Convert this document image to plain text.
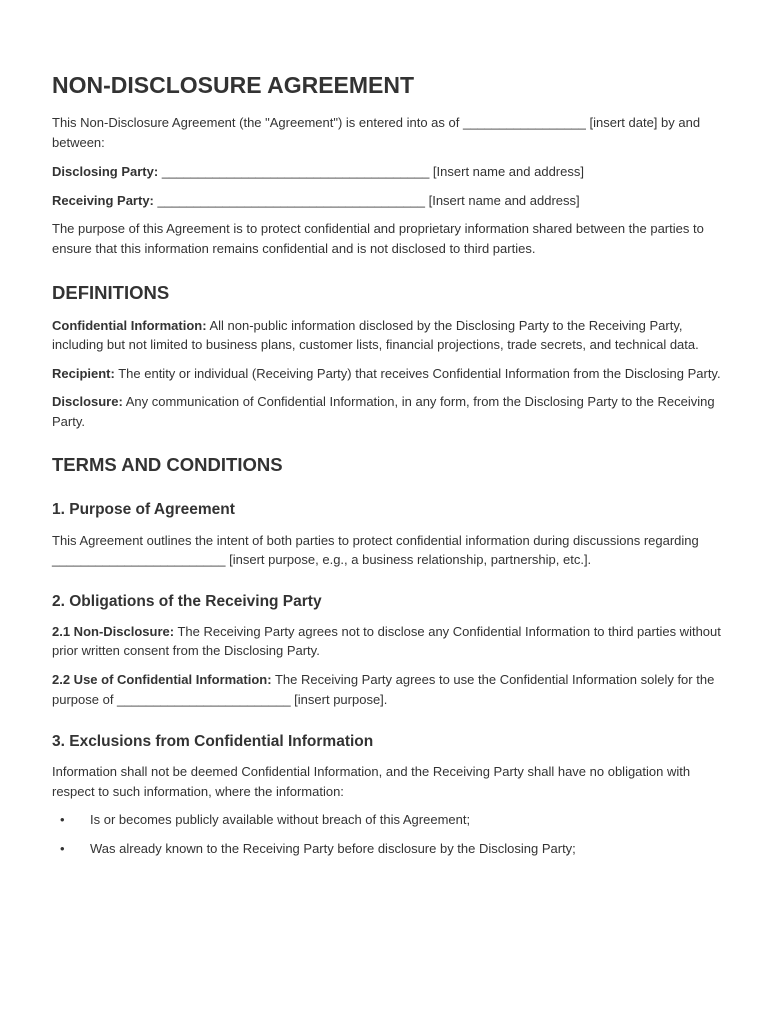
NON-DISCLOSURE AGREEMENT

This Non-Disclosure Agreement (the "Agreement") is entered into as of _________________ [insert date] by and between:

Disclosing Party: _____________________________________ [Insert name and address]

Receiving Party: _____________________________________ [Insert name and address]

The purpose of this Agreement is to protect confidential and proprietary information shared between the parties to ensure that this information remains confidential and is not disclosed to third parties.

DEFINITIONS

Confidential Information: All non-public information disclosed by the Disclosing Party to the Receiving Party, including but not limited to business plans, customer lists, financial projections, trade secrets, and technical data.

Recipient: The entity or individual (Receiving Party) that receives Confidential Information from the Disclosing Party.

Disclosure: Any communication of Confidential Information, in any form, from the Disclosing Party to the Receiving Party.

TERMS AND CONDITIONS
1. Purpose of Agreement

This Agreement outlines the intent of both parties to protect confidential information during discussions regarding ________________________ [insert purpose, e.g., a business relationship, partnership, etc.].

2. Obligations of the Receiving Party

2.1 Non-Disclosure: The Receiving Party agrees not to disclose any Confidential Information to third parties without prior written consent from the Disclosing Party.

2.2 Use of Confidential Information: The Receiving Party agrees to use the Confidential Information solely for the purpose of ________________________ [insert purpose].

3. Exclusions from Confidential Information

Information shall not be deemed Confidential Information, and the Receiving Party shall have no obligation with respect to such information, where the information:

• Is or becomes publicly available without breach of this Agreement;
• Was already known to the Receiving Party before disclosure by the Disclosing Party;
